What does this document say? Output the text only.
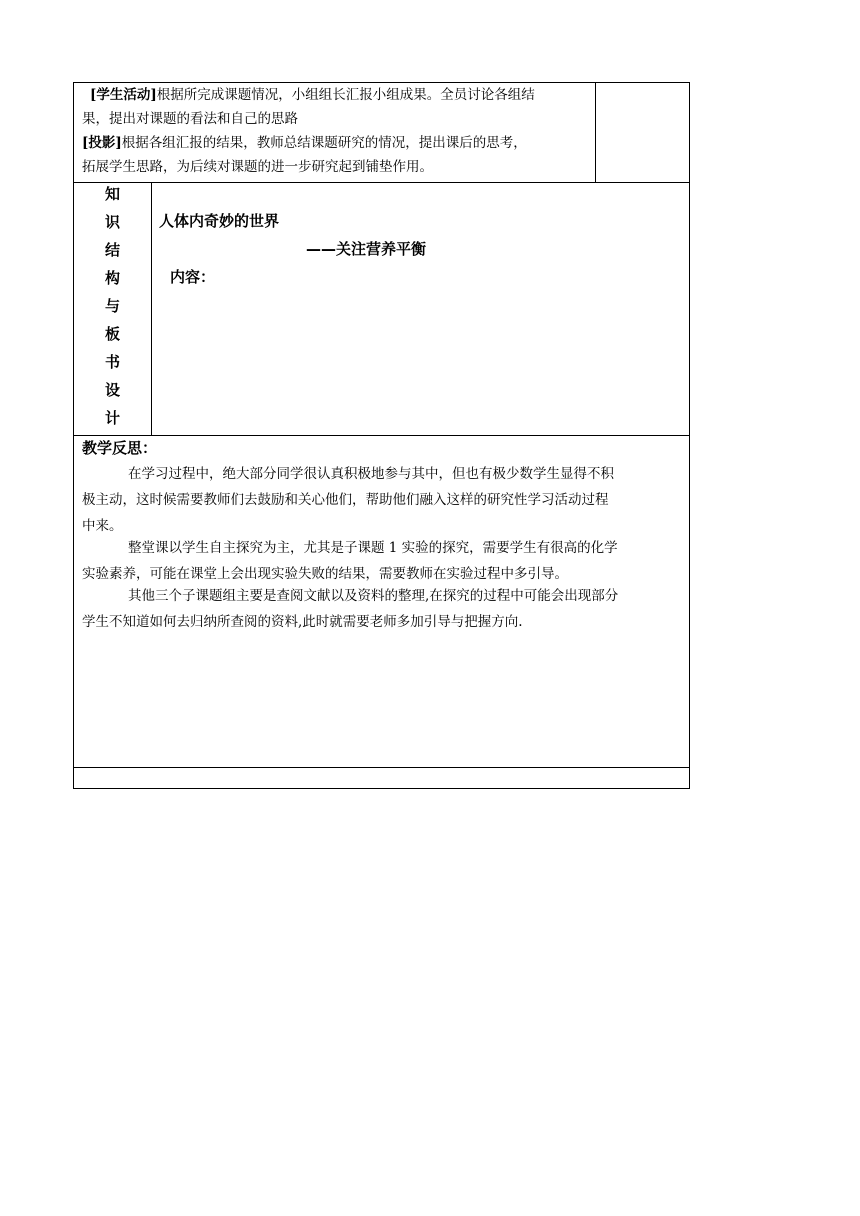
[学生活动]根据所完成课题情况，小组组长汇报小组成果。全员讨论各组结
果，提出对课题的看法和自己的思路
[投影]根据各组汇报的结果，教师总结课题研究的情况，提出课后的思考，
拓展学生思路，为后续对课题的进一步研究起到铺垫作用。
知
识
结
构
与
板
书
设
计
人体内奇妙的世界
——关注营养平衡
内容：
教学反思：
在学习过程中，绝大部分同学很认真积极地参与其中，但也有极少数学生显得不积
极主动，这时候需要教师们去鼓励和关心他们，帮助他们融入这样的研究性学习活动过程
中来。
整堂课以学生自主探究为主，尤其是子课题 1 实验的探究，需要学生有很高的化学
实验素养，可能在课堂上会出现实验失败的结果，需要教师在实验过程中多引导。
其他三个子课题组主要是查阅文献以及资料的整理,在探究的过程中可能会出现部分
学生不知道如何去归纳所查阅的资料,此时就需要老师多加引导与把握方向.
